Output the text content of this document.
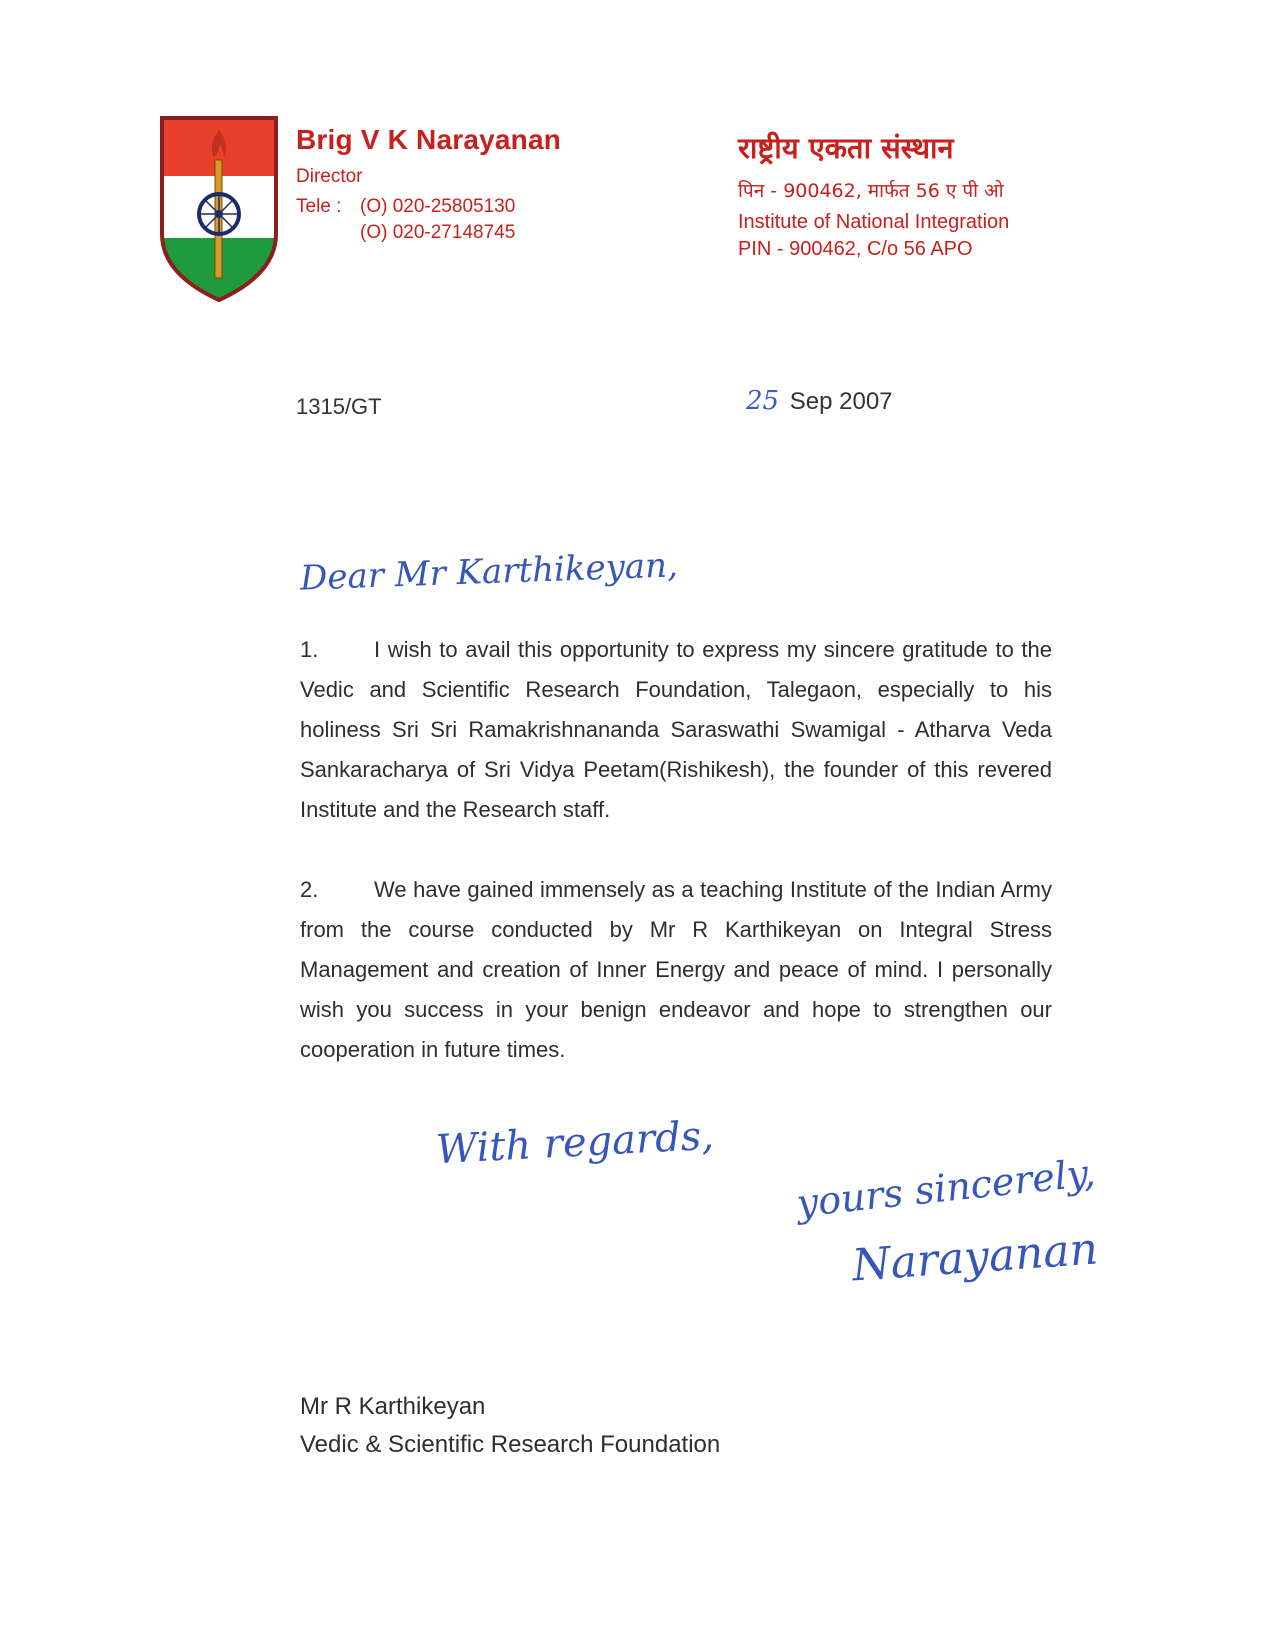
Brig V K Narayanan
Director
Tele : (O) 020-25805130
(O) 020-27148745
राष्ट्रीय एकता संस्थान
पिन - 900462, मार्फत 56 ए पी ओ
Institute of National Integration
PIN - 900462, C/o 56 APO
1315/GT	25 Sep 2007
Dear Mr Karthikeyan,
1.	I wish to avail this opportunity to express my sincere gratitude to the Vedic and Scientific Research Foundation, Talegaon, especially to his holiness Sri Sri Ramakrishnananda Saraswathi Swamigal - Atharva Veda Sankaracharya of Sri Vidya Peetam(Rishikesh), the founder of this revered Institute and the Research staff.
2.	We have gained immensely as a teaching Institute of the Indian Army from the course conducted by Mr R Karthikeyan on Integral Stress Management and creation of Inner Energy and peace of mind. I personally wish you success in your benign endeavor and hope to strengthen our cooperation in future times.
With regards,
yours sincerely,
Narayanan
Mr R Karthikeyan
Vedic & Scientific Research Foundation
